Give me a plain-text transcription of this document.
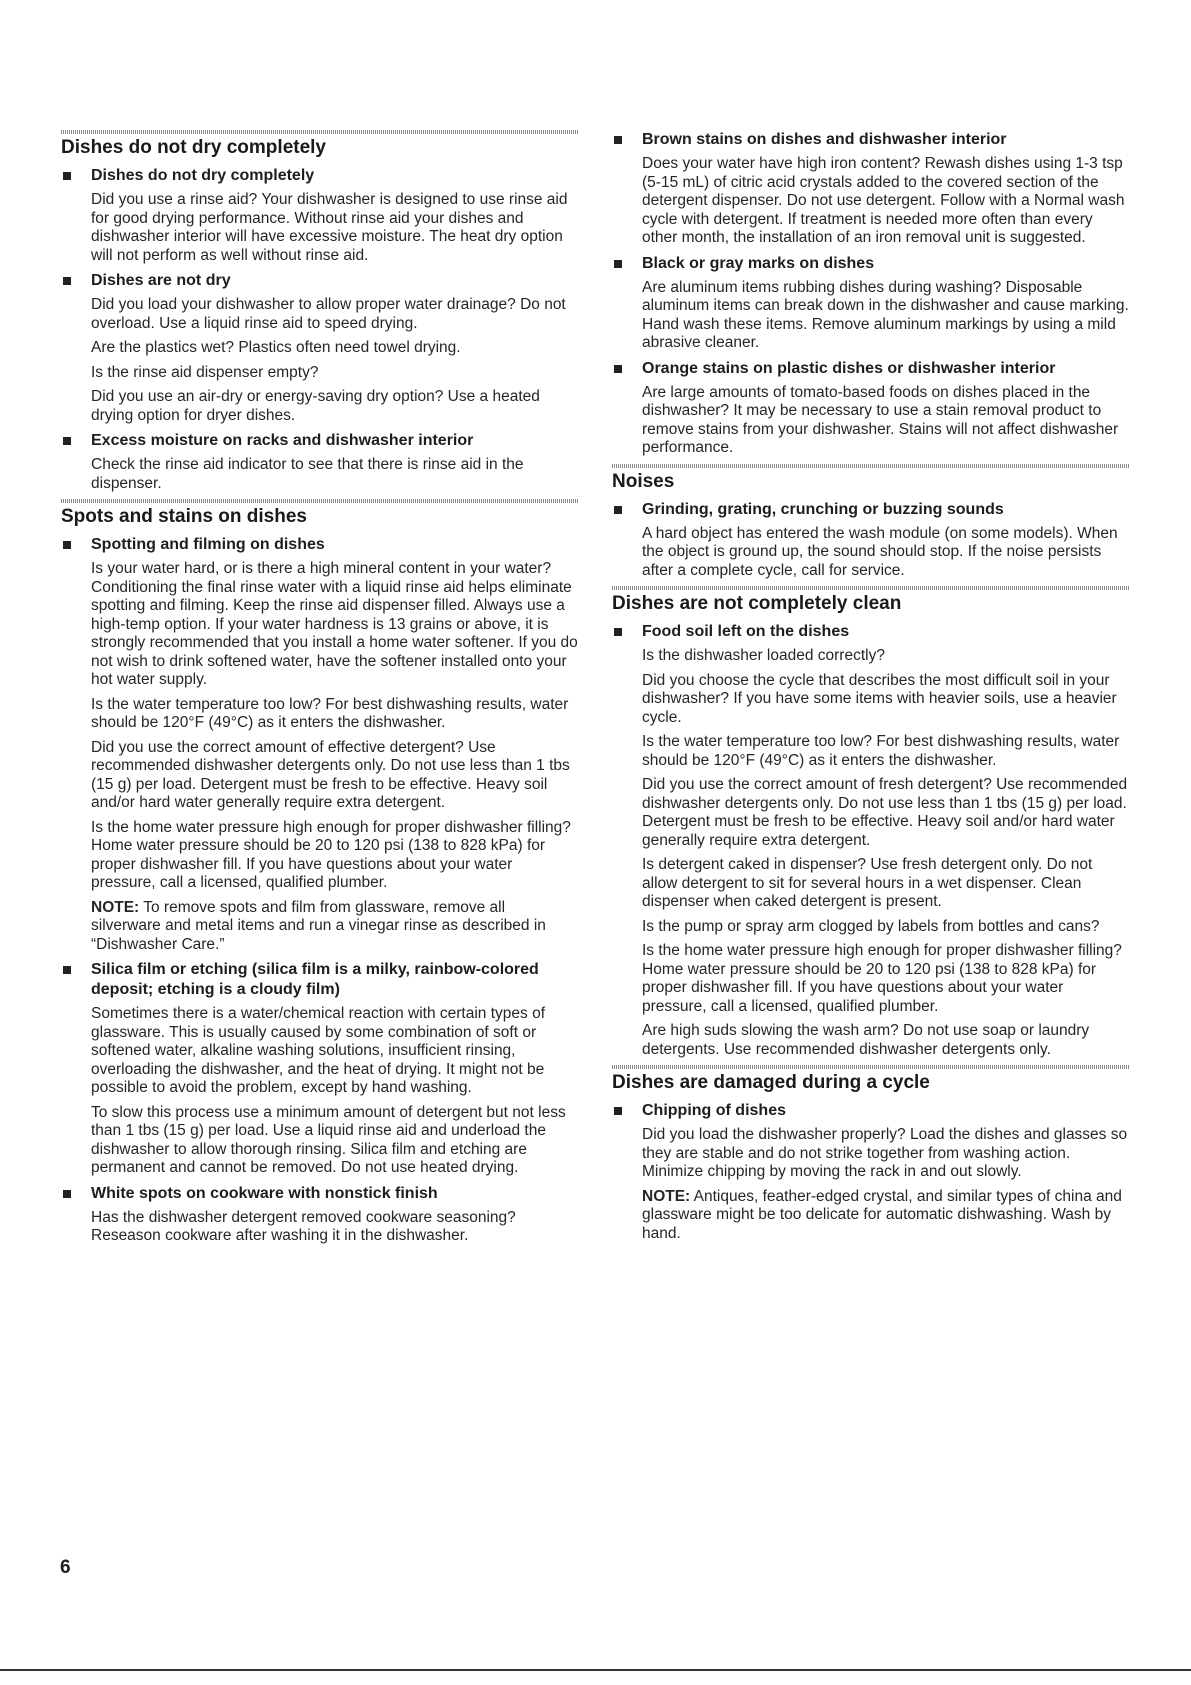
Dishes do not dry completely
Dishes do not dry completely

Did you use a rinse aid? Your dishwasher is designed to use rinse aid for good drying performance. Without rinse aid your dishes and dishwasher interior will have excessive moisture. The heat dry option will not perform as well without rinse aid.

Dishes are not dry

Did you load your dishwasher to allow proper water drainage? Do not overload. Use a liquid rinse aid to speed drying.

Are the plastics wet? Plastics often need towel drying.

Is the rinse aid dispenser empty?

Did you use an air-dry or energy-saving dry option? Use a heated drying option for dryer dishes.

Excess moisture on racks and dishwasher interior

Check the rinse aid indicator to see that there is rinse aid in the dispenser.

Spots and stains on dishes
Spotting and filming on dishes

Is your water hard, or is there a high mineral content in your water? Conditioning the final rinse water with a liquid rinse aid helps eliminate spotting and filming. Keep the rinse aid dispenser filled. Always use a high-temp option. If your water hardness is 13 grains or above, it is strongly recommended that you install a home water softener. If you do not wish to drink softened water, have the softener installed onto your hot water supply.

Is the water temperature too low? For best dishwashing results, water should be 120°F (49°C) as it enters the dishwasher.

Did you use the correct amount of effective detergent? Use recommended dishwasher detergents only. Do not use less than 1 tbs (15 g) per load. Detergent must be fresh to be effective. Heavy soil and/or hard water generally require extra detergent.

Is the home water pressure high enough for proper dishwasher filling? Home water pressure should be 20 to 120 psi (138 to 828 kPa) for proper dishwasher fill. If you have questions about your water pressure, call a licensed, qualified plumber.

NOTE: To remove spots and film from glassware, remove all silverware and metal items and run a vinegar rinse as described in “Dishwasher Care.”

Silica film or etching (silica film is a milky, rainbow-colored deposit; etching is a cloudy film)

Sometimes there is a water/chemical reaction with certain types of glassware. This is usually caused by some combination of soft or softened water, alkaline washing solutions, insufficient rinsing, overloading the dishwasher, and the heat of drying. It might not be possible to avoid the problem, except by hand washing.

To slow this process use a minimum amount of detergent but not less than 1 tbs (15 g) per load. Use a liquid rinse aid and underload the dishwasher to allow thorough rinsing. Silica film and etching are permanent and cannot be removed. Do not use heated drying.

White spots on cookware with nonstick finish

Has the dishwasher detergent removed cookware seasoning? Reseason cookware after washing it in the dishwasher.

Brown stains on dishes and dishwasher interior

Does your water have high iron content? Rewash dishes using 1-3 tsp (5-15 mL) of citric acid crystals added to the covered section of the detergent dispenser. Do not use detergent. Follow with a Normal wash cycle with detergent. If treatment is needed more often than every other month, the installation of an iron removal unit is suggested.

Black or gray marks on dishes

Are aluminum items rubbing dishes during washing? Disposable aluminum items can break down in the dishwasher and cause marking. Hand wash these items. Remove aluminum markings by using a mild abrasive cleaner.

Orange stains on plastic dishes or dishwasher interior

Are large amounts of tomato-based foods on dishes placed in the dishwasher? It may be necessary to use a stain removal product to remove stains from your dishwasher. Stains will not affect dishwasher performance.

Noises
Grinding, grating, crunching or buzzing sounds

A hard object has entered the wash module (on some models). When the object is ground up, the sound should stop. If the noise persists after a complete cycle, call for service.

Dishes are not completely clean
Food soil left on the dishes

Is the dishwasher loaded correctly?

Did you choose the cycle that describes the most difficult soil in your dishwasher? If you have some items with heavier soils, use a heavier cycle.

Is the water temperature too low? For best dishwashing results, water should be 120°F (49°C) as it enters the dishwasher.

Did you use the correct amount of fresh detergent? Use recommended dishwasher detergents only. Do not use less than 1 tbs (15 g) per load. Detergent must be fresh to be effective. Heavy soil and/or hard water generally require extra detergent.

Is detergent caked in dispenser? Use fresh detergent only. Do not allow detergent to sit for several hours in a wet dispenser. Clean dispenser when caked detergent is present.

Is the pump or spray arm clogged by labels from bottles and cans?

Is the home water pressure high enough for proper dishwasher filling? Home water pressure should be 20 to 120 psi (138 to 828 kPa) for proper dishwasher fill. If you have questions about your water pressure, call a licensed, qualified plumber.

Are high suds slowing the wash arm? Do not use soap or laundry detergents. Use recommended dishwasher detergents only.

Dishes are damaged during a cycle
Chipping of dishes

Did you load the dishwasher properly? Load the dishes and glasses so they are stable and do not strike together from washing action. Minimize chipping by moving the rack in and out slowly.

NOTE: Antiques, feather-edged crystal, and similar types of china and glassware might be too delicate for automatic dishwashing. Wash by hand.

6
